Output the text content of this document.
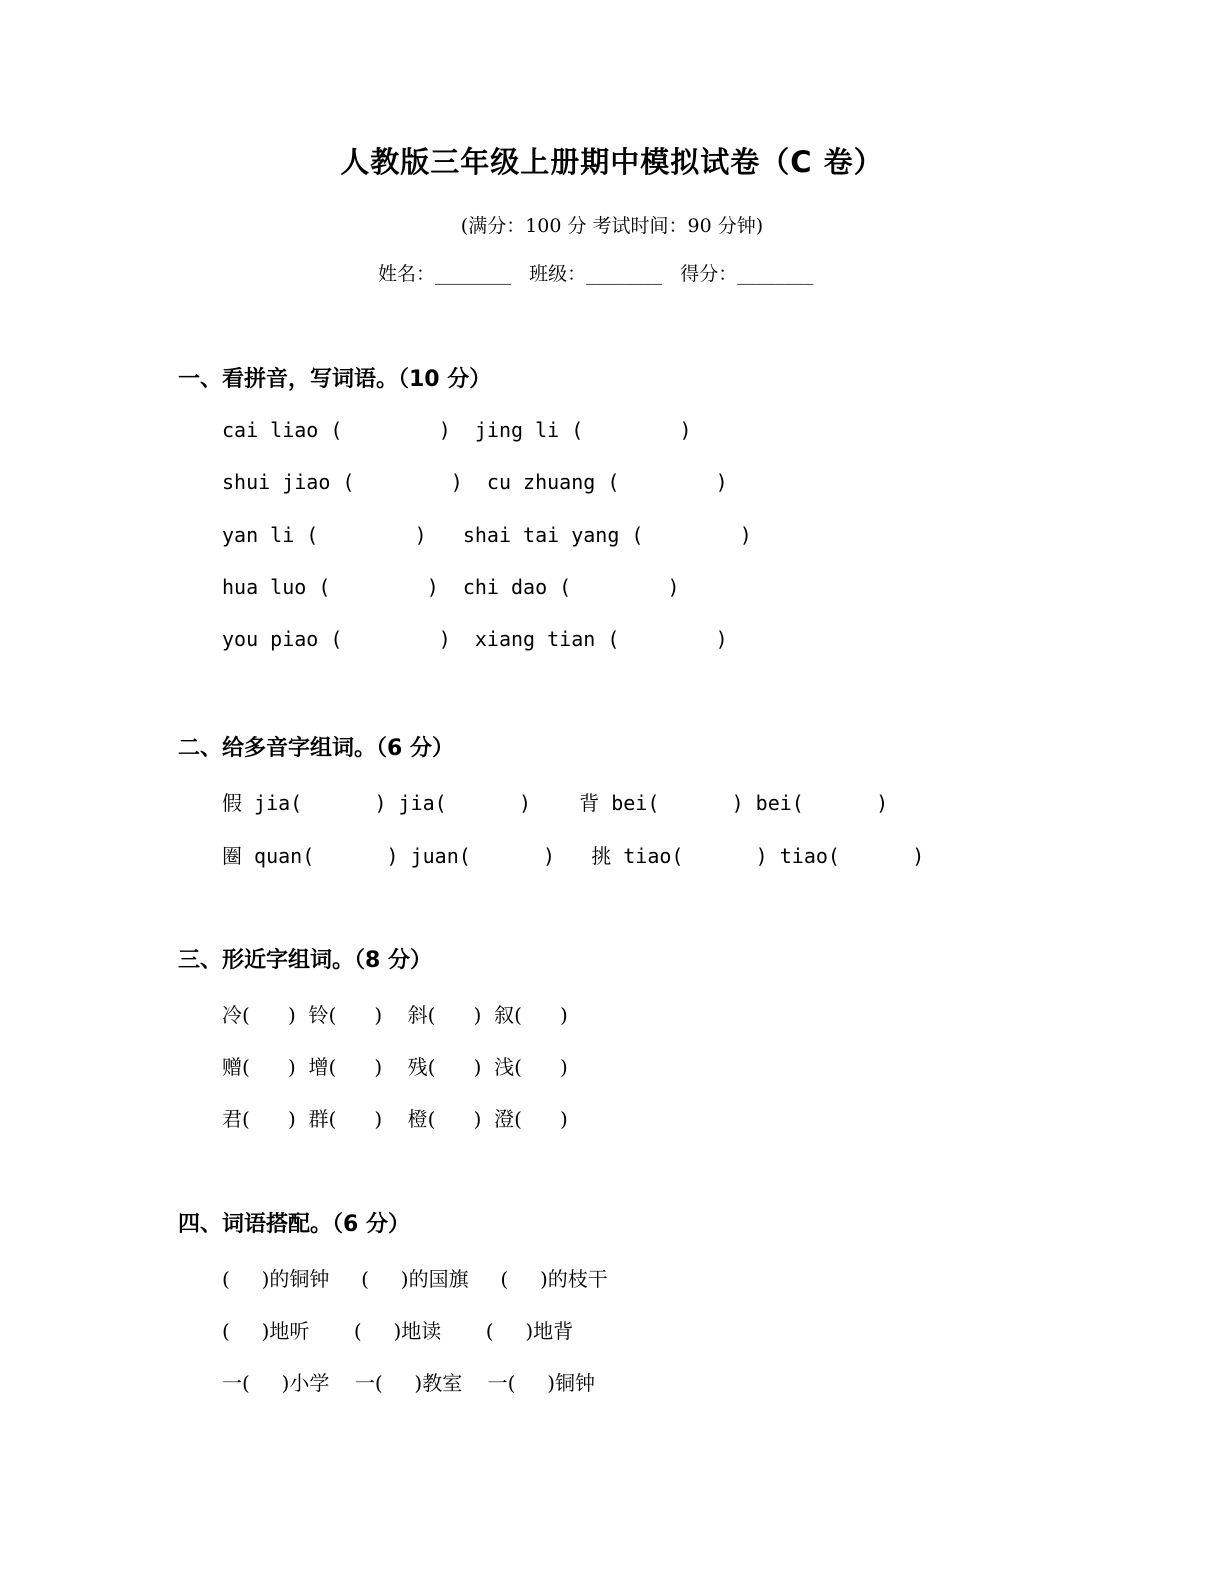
人教版三年级上册期中模拟试卷（C 卷）
(满分：100 分 考试时间：90 分钟)
姓名：________   班级：________   得分：________
一、看拼音，写词语。（10 分）
cai liao (        )  jing li (        )
shui jiao (        )  cu zhuang (        )
yan li (        )   shai tai yang (        )
hua luo (        )  chi dao (        )
you piao (        )  xiang tian (        )
二、给多音字组词。（6 分）
假 jia(      ) jia(      )    背 bei(      ) bei(      )
圈 quan(      ) juan(      )   挑 tiao(      ) tiao(      )
三、形近字组词。（8 分）
冷(      )  铃(      )    斜(      )  叙(      )
赠(      )  增(      )    残(      )  浅(      )
君(      )  群(      )    橙(      )  澄(      )
四、词语搭配。（6 分）
(     )的铜钟     (     )的国旗     (     )的枝干
(     )地听       (     )地读       (     )地背
一(     )小学    一(     )教室    一(     )铜钟
